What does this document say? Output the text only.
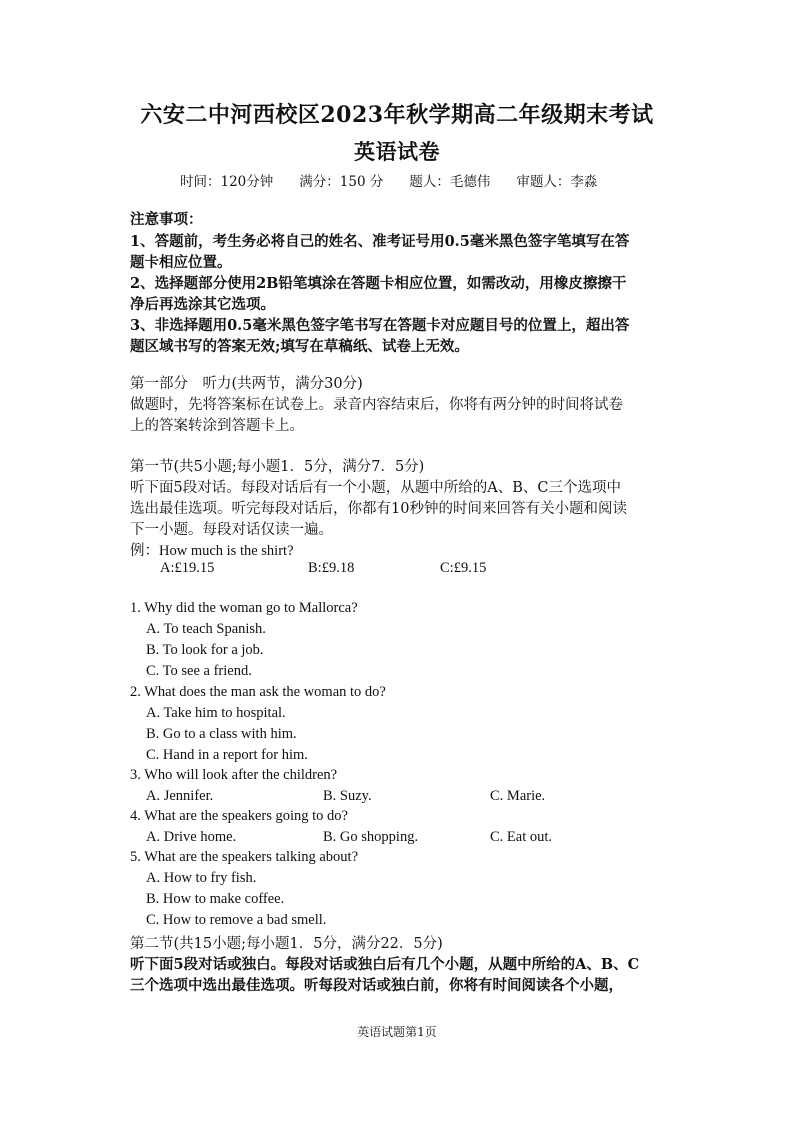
六安二中河西校区2023年秋学期高二年级期末考试
英语试卷
时间：120分钟 满分：150 分 题人：毛德伟 审题人：李淼
注意事项：
1、答题前，考生务必将自己的姓名、准考证号用0.5毫米黑色签字笔填写在答
题卡相应位置。
2、选择题部分使用2B铅笔填涂在答题卡相应位置，如需改动，用橡皮擦擦干
净后再选涂其它选项。
3、非选择题用0.5毫米黑色签字笔书写在答题卡对应题目号的位置上，超出答
题区域书写的答案无效;填写在草稿纸、试卷上无效。
第一部分　听力(共两节，满分30分)
做题时，先将答案标在试卷上。录音内容结束后，你将有两分钟的时间将试卷
上的答案转涂到答题卡上。
第一节(共5小题;每小题1．5分，满分7．5分)
听下面5段对话。每段对话后有一个小题，从题中所给的A、B、C三个选项中
选出最佳选项。听完每段对话后，你都有10秒钟的时间来回答有关小题和阅读
下一小题。每段对话仅读一遍。
例：How much is the shirt?
A:£19.15	B:£9.18	C:£9.15
1. Why did the woman go to Mallorca?
A. To teach Spanish.
B. To look for a job.
C. To see a friend.
2. What does the man ask the woman to do?
A. Take him to hospital.
B. Go to a class with him.
C. Hand in a report for him.
3. Who will look after the children?
A. Jennifer.	B. Suzy.	C. Marie.
4. What are the speakers going to do?
A. Drive home.	B. Go shopping.	C. Eat out.
5. What are the speakers talking about?
A. How to fry fish.
B. How to make coffee.
C. How to remove a bad smell.
第二节(共15小题;每小题1．5分，满分22．5分)
听下面5段对话或独白。每段对话或独白后有几个小题，从题中所给的A、B、C
三个选项中选出最佳选项。听每段对话或独白前，你将有时间阅读各个小题，
英语试题第1页
